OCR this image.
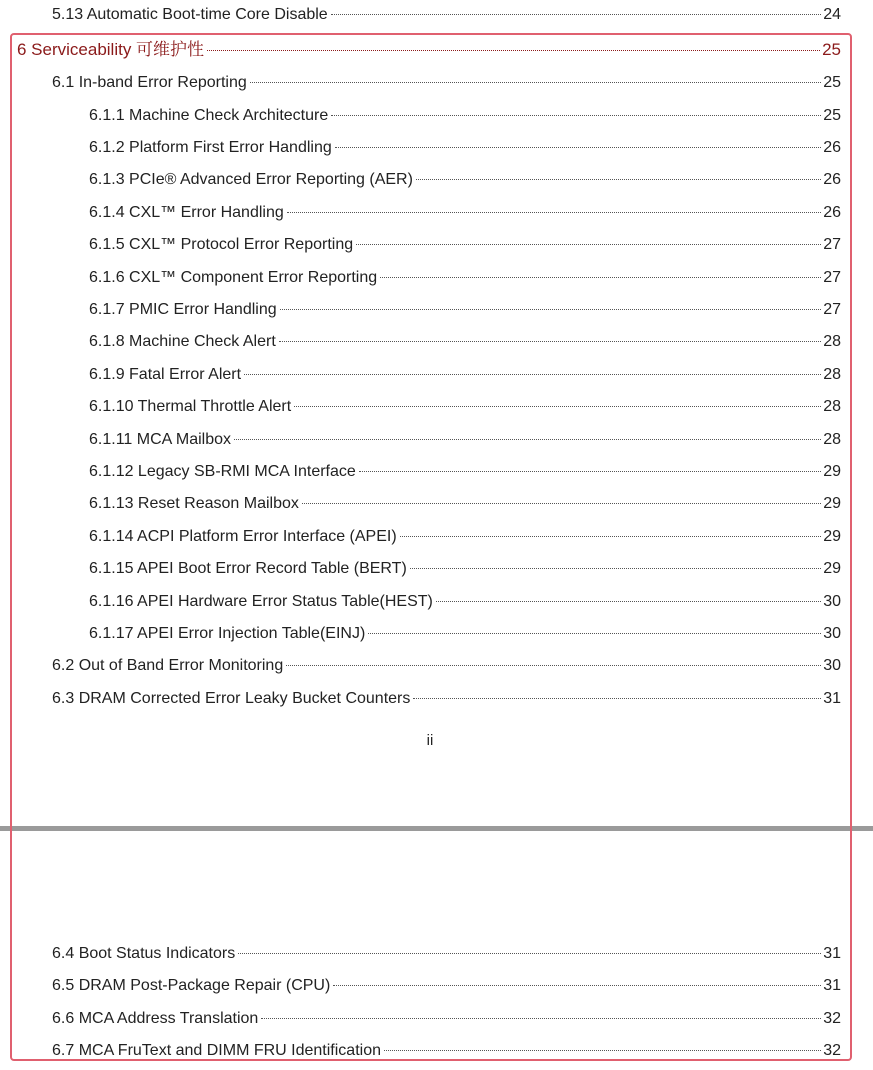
5.13 Automatic Boot-time Core Disable	24
6 Serviceability 可维护性	25
6.1 In-band Error Reporting	25
6.1.1 Machine Check Architecture	25
6.1.2 Platform First Error Handling	26
6.1.3 PCIe® Advanced Error Reporting (AER)	26
6.1.4 CXL™ Error Handling	26
6.1.5 CXL™ Protocol Error Reporting	27
6.1.6 CXL™ Component Error Reporting	27
6.1.7 PMIC Error Handling	27
6.1.8 Machine Check Alert	28
6.1.9 Fatal Error Alert	28
6.1.10 Thermal Throttle Alert	28
6.1.11 MCA Mailbox	28
6.1.12 Legacy SB-RMI MCA Interface	29
6.1.13 Reset Reason Mailbox	29
6.1.14 ACPI Platform Error Interface (APEI)	29
6.1.15 APEI Boot Error Record Table (BERT)	29
6.1.16 APEI Hardware Error Status Table(HEST)	30
6.1.17 APEI Error Injection Table(EINJ)	30
6.2 Out of Band Error Monitoring	30
6.3 DRAM Corrected Error Leaky Bucket Counters	31
ii
6.4 Boot Status Indicators	31
6.5 DRAM Post-Package Repair (CPU)	31
6.6 MCA Address Translation	32
6.7 MCA FruText and DIMM FRU Identification	32
